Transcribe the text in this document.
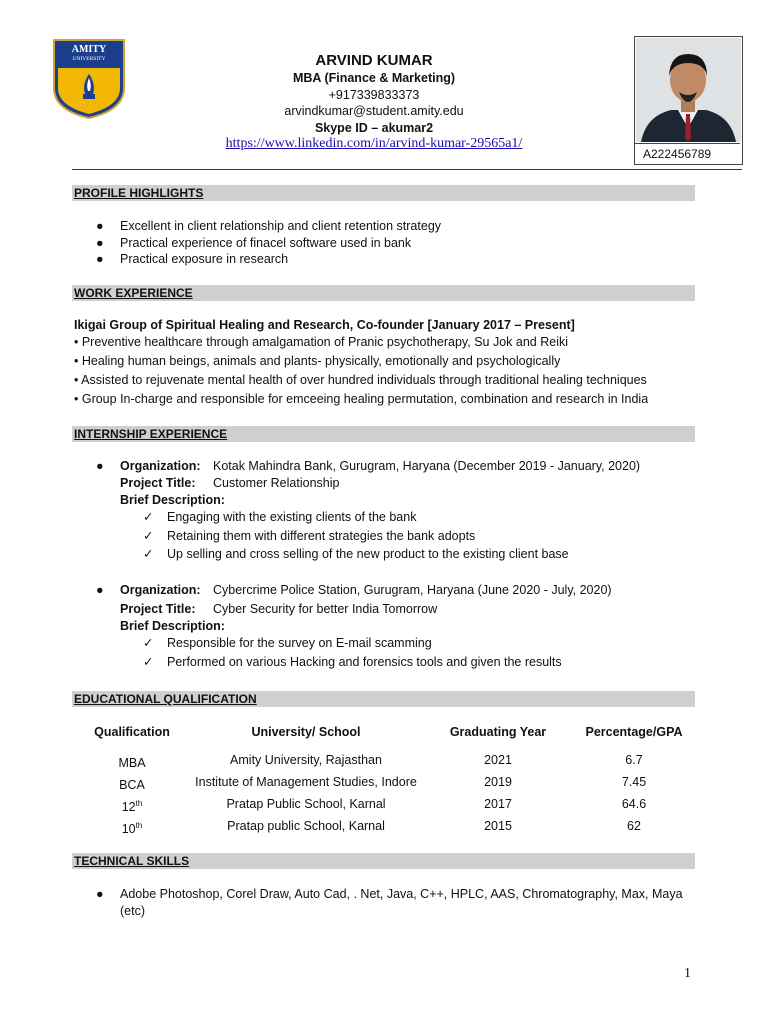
AMITY
UNIVERSITY	ARVIND KUMAR
MBA (Finance & Marketing)
+917339833373
arvindkumar@student.amity.edu
Skype ID – akumar2
https://www.linkedin.com/in/arvind-kumar-29565a1/
A222456789
PROFILE HIGHLIGHTS
● Excellent in client relationship and client retention strategy
● Practical experience of finacel software used in bank
● Practical exposure in research
WORK EXPERIENCE
Ikigai Group of Spiritual Healing and Research, Co-founder [January 2017 – Present]
• Preventive healthcare through amalgamation of Pranic psychotherapy, Su Jok and Reiki
• Healing human beings, animals and plants- physically, emotionally and psychologically
• Assisted to rejuvenate mental health of over hundred individuals through traditional healing techniques
• Group In-charge and responsible for emceeing healing permutation, combination and research in India
INTERNSHIP EXPERIENCE
● Organization: Kotak Mahindra Bank, Gurugram, Haryana (December 2019 - January, 2020)
Project Title: Customer Relationship
Brief Description:
✓ Engaging with the existing clients of the bank
✓ Retaining them with different strategies the bank adopts
✓ Up selling and cross selling of the new product to the existing client base
● Organization: Cybercrime Police Station, Gurugram, Haryana (June 2020 - July, 2020)
Project Title: Cyber Security for better India Tomorrow
Brief Description:
✓ Responsible for the survey on E-mail scamming
✓ Performed on various Hacking and forensics tools and given the results
EDUCATIONAL QUALIFICATION
Qualification	University/ School	Graduating Year	Percentage/GPA
MBA	Amity University, Rajasthan	2021	6.7
BCA	Institute of Management Studies, Indore	2019	7.45
12th	Pratap Public School, Karnal	2017	64.6
10th	Pratap public School, Karnal	2015	62
TECHNICAL SKILLS
● Adobe Photoshop, Corel Draw, Auto Cad, . Net, Java, C++, HPLC, AAS, Chromatography, Max, Maya
(etc)
1
